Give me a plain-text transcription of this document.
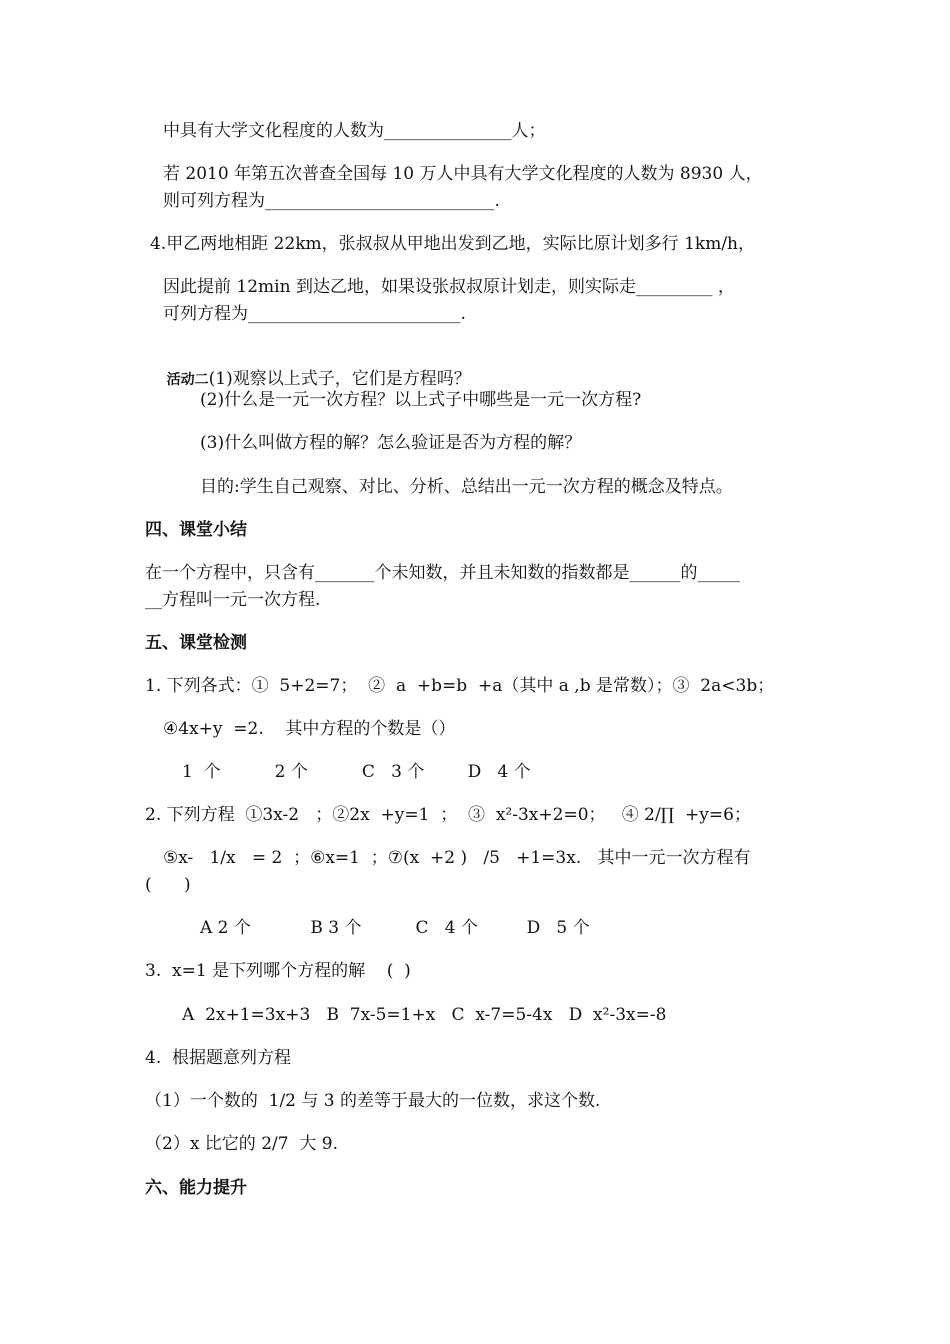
中具有大学文化程度的人数为_______________人；
若 2010 年第五次普查全国每 10 万人中具有大学文化程度的人数为 8930 人，
则可列方程为___________________________.
4.甲乙两地相距 22km，张叔叔从甲地出发到乙地，实际比原计划多行 1km/h，
因此提前 12min 到达乙地，如果设张叔叔原计划走，则实际走_________ ，
可列方程为_________________________.

活动二(1)观察以上式子，它们是方程吗？

(2)什么是一元一次方程？以上式子中哪些是一元一次方程?
(3)什么叫做方程的解？怎么验证是否为方程的解？
目的:学生自己观察、对比、分析、总结出一元一次方程的概念及特点。
四、课堂小结
在一个方程中，只含有_______个未知数，并且未知数的指数都是______的_____
__方程叫一元一次方程.
五、课堂检测
1. 下列各式：①  5+2=7；  ②  a  +b=b  +a（其中 a ,b 是常数）；③  2a<3b；
④4x+y  =2.    其中方程的个数是（）
1  个          2 个          C   3 个        D   4 个
2. 下列方程  ①3x-2   ；②2x  +y=1  ；  ③  x²-3x+2=0；   ④ 2/∏  +y=6；
⑤x-   1/x   = 2  ；⑥x=1  ；⑦(x  +2 )   /5   +1=3x.   其中一元一次方程有
(      )
A 2 个           B 3 个          C   4 个         D   5 个
3.  x=1 是下列哪个方程的解    (  )
A  2x+1=3x+3   B  7x-5=1+x   C  x-7=5-4x   D  x²-3x=-8
4.  根据题意列方程
（1）一个数的  1/2 与 3 的差等于最大的一位数，求这个数.
（2）x 比它的 2/7  大 9.
六、能力提升
